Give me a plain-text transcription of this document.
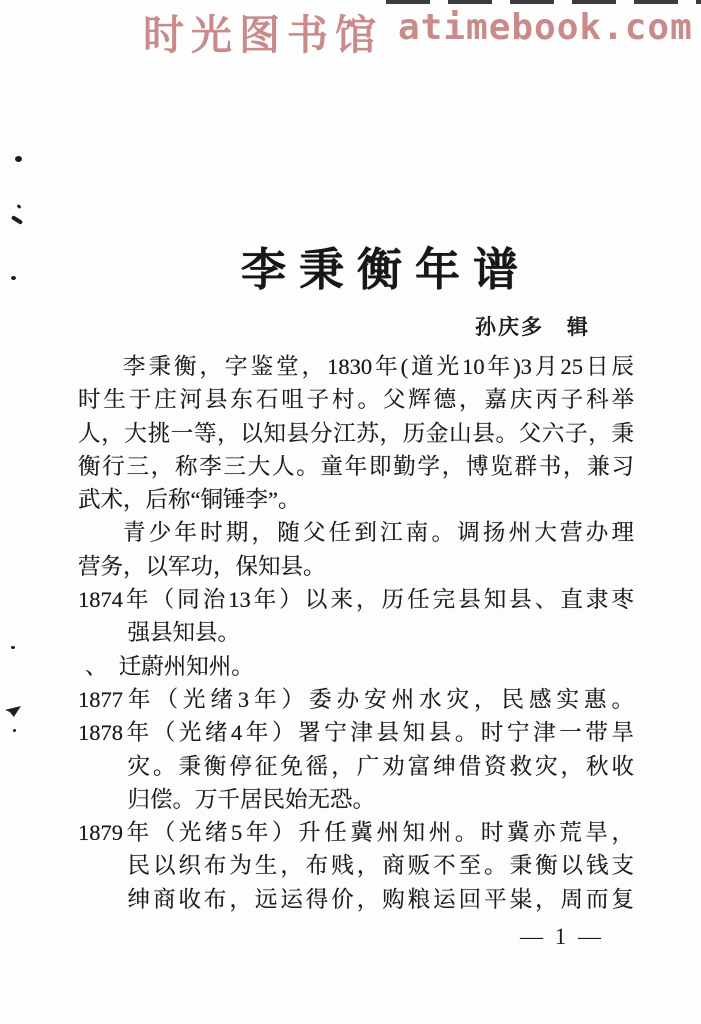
时光图书馆 atimebook.com
李秉衡年谱
孙庆多　辑
李秉衡，字鉴堂，1830年(道光10年)3月25日辰
时生于庄河县东石咀子村。父辉德，嘉庆丙子科举
人，大挑一等，以知县分江苏，历金山县。父六子，秉
衡行三，称李三大人。童年即勤学，博览群书，兼习
武术，后称“铜锤李”。
青少年时期，随父任到江南。调扬州大营办理
营务，以军功，保知县。
1874年（同治13年）以来，历任完县知县、直隶枣
强县知县。
、　迁蔚州知州。
1877年（光绪3年）委办安州水灾，民感实惠。
1878年（光绪4年）署宁津县知县。时宁津一带旱
灾。秉衡停征免徭，广劝富绅借资救灾，秋收
归偿。万千居民始无恐。
1879年（光绪5年）升任冀州知州。时冀亦荒旱，
民以织布为生，布贱，商贩不至。秉衡以钱支
绅商收布，远运得价，购粮运回平粜，周而复
— 1 —
